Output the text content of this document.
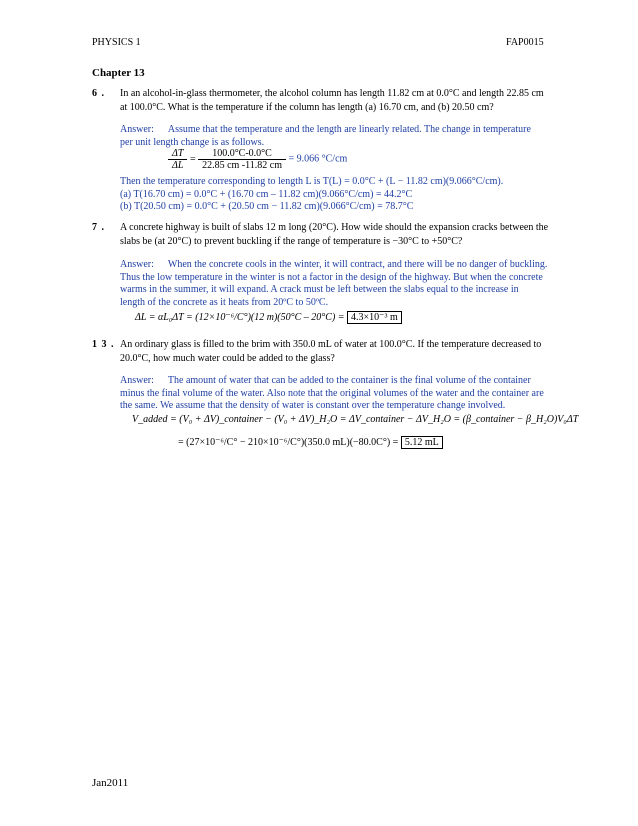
PHYSICS 1	FAP0015
Chapter 13
6 . In an alcohol-in-glass thermometer, the alcohol column has length 11.82 cm at 0.0°C and length 22.85 cm
at 100.0°C. What is the temperature if the column has length (a) 16.70 cm, and (b) 20.50 cm?
Answer: Assume that the temperature and the length are linearly related. The change in temperature
per unit length change is as follows.
$\frac{\Delta T}{\Delta L} = \frac{100.0^\circ C-0.0^\circ C}{22.85 cm -11.82 cm} = 9.066$ °C/cm
Then the temperature corresponding to length L is T(L) = 0.0°C + (L − 11.82 cm)(9.066°C/cm).
(a) T(16.70 cm) = 0.0°C + (16.70 cm – 11.82 cm)(9.066°C/cm) = 44.2°C
(b) T(20.50 cm) = 0.0°C + (20.50 cm − 11.82 cm)(9.066°C/cm) = 78.7°C
7 . A concrete highway is built of slabs 12 m long (20°C). How wide should the expansion cracks between the
slabs be (at 20°C) to prevent buckling if the range of temperature is −30°C to +50°C?
Answer: When the concrete cools in the winter, it will contract, and there will be no danger of buckling.
Thus the low temperature in the winter is not a factor in the design of the highway. But when the concrete
warms in the summer, it will expand. A crack must be left between the slabs equal to the increase in
length of the concrete as it heats from 20ºC to 50ºC.
ΔL = αL₀ΔT = (12×10⁻⁶/C°)(12 m)(50°C – 20°C) = 4.3×10⁻³ m
1 3 . An ordinary glass is filled to the brim with 350.0 mL of water at 100.0°C. If the temperature decreased to
20.0°C, how much water could be added to the glass?
Answer: The amount of water that can be added to the container is the final volume of the container
minus the final volume of the water. Also note that the original volumes of the water and the container are
the same. We assume that the density of water is constant over the temperature change involved.
V_added = (V₀ + ΔV)_container − (V₀ + ΔV)_H₂O = ΔV_container − ΔV_H₂O = (β_container − β_H₂O)V₀ΔT
= (27×10⁻⁶/C° − 210×10⁻⁶/C°)(350.0 mL)(−80.0C°) = 5.12 mL
Jan2011
